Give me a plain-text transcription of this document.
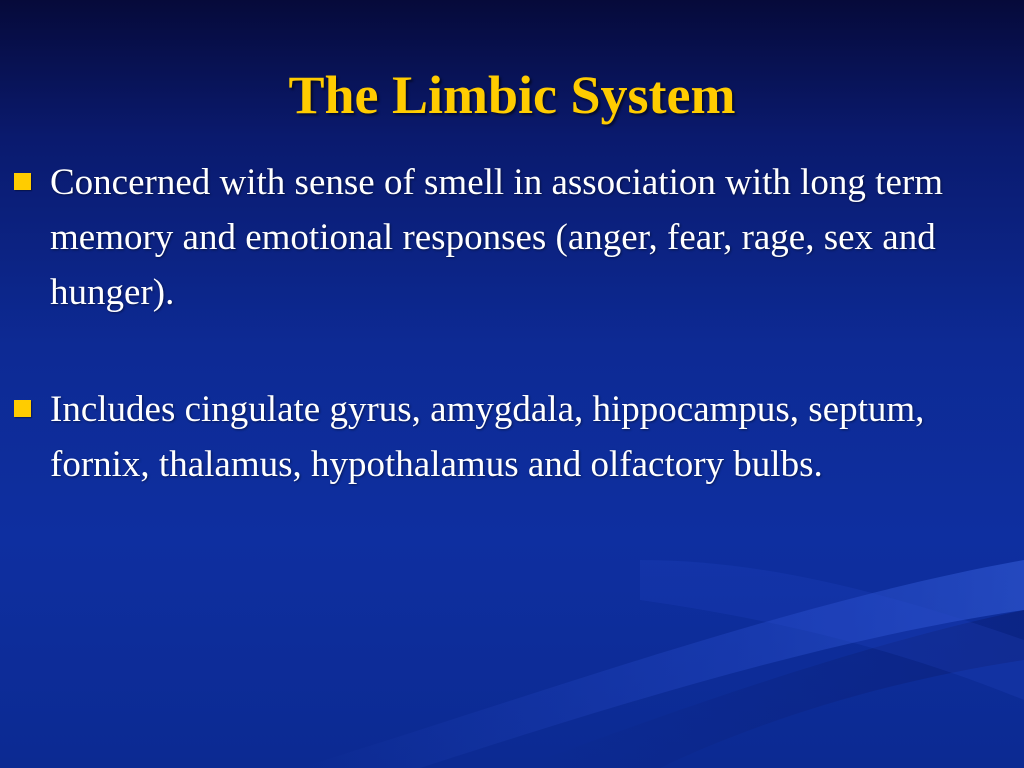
The Limbic System
Concerned with sense of smell in association with long term memory and emotional responses (anger, fear, rage, sex and hunger).
Includes cingulate gyrus, amygdala, hippocampus, septum, fornix, thalamus, hypothalamus and olfactory bulbs.
